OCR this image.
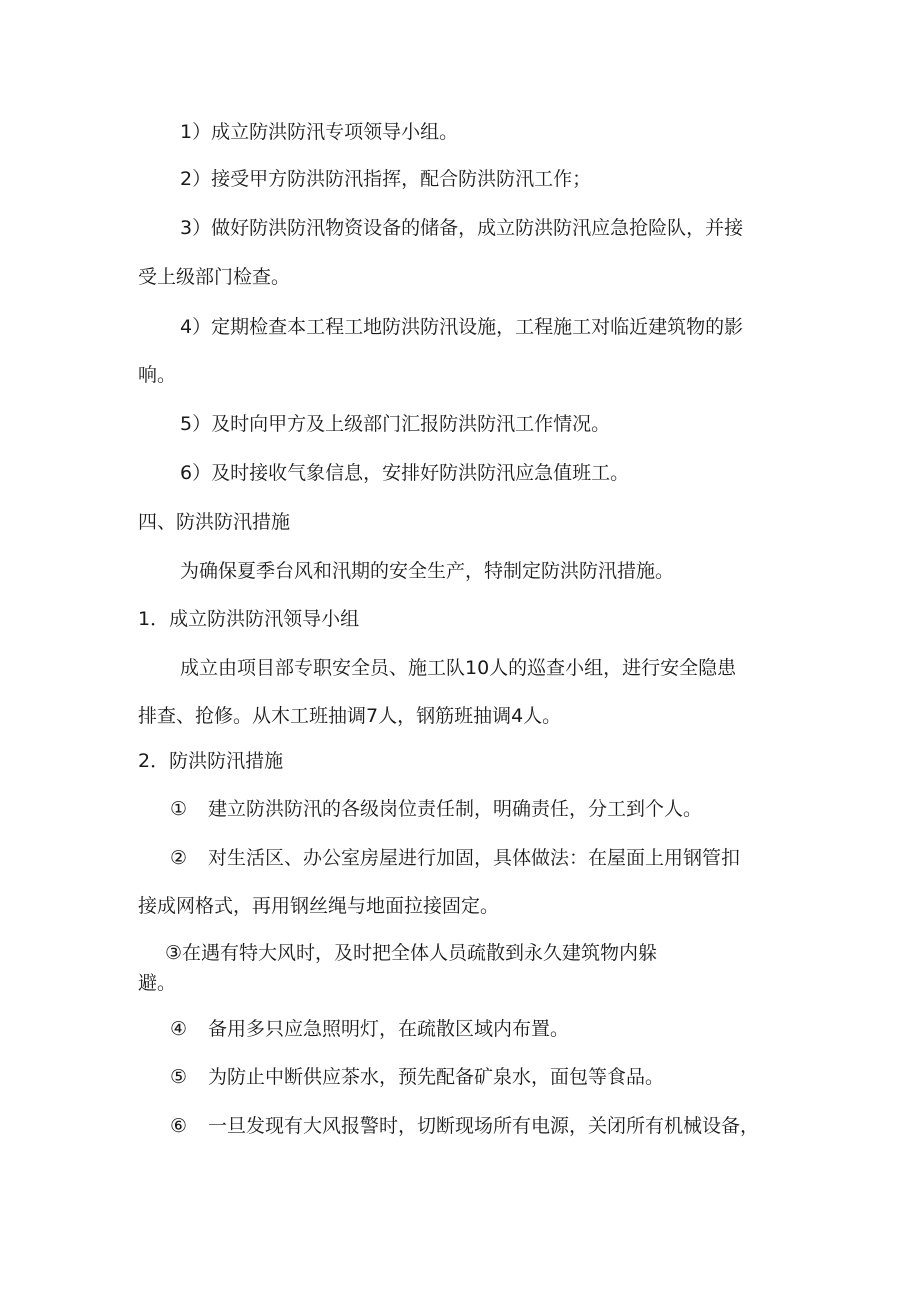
1）成立防洪防汛专项领导小组。

2）接受甲方防洪防汛指挥，配合防洪防汛工作；

3）做好防洪防汛物资设备的储备，成立防洪防汛应急抢险队，并接

受上级部门检查。

4）定期检查本工程工地防洪防汛设施，工程施工对临近建筑物的影

响。

5）及时向甲方及上级部门汇报防洪防汛工作情况。

6）及时接收气象信息，安排好防洪防汛应急值班工。

四、防洪防汛措施

为确保夏季台风和汛期的安全生产，特制定防洪防汛措施。

1．成立防洪防汛领导小组

成立由项目部专职安全员、施工队10人的巡查小组，进行安全隐患

排查、抢修。从木工班抽调7人，钢筋班抽调4人。

2．防洪防汛措施

① 建立防洪防汛的各级岗位责任制，明确责任，分工到个人。

② 对生活区、办公室房屋进行加固，具体做法：在屋面上用钢管扣

接成网格式，再用钢丝绳与地面拉接固定。

③在遇有特大风时，及时把全体人员疏散到永久建筑物内躲

避。

④ 备用多只应急照明灯，在疏散区域内布置。

⑤ 为防止中断供应茶水，预先配备矿泉水，面包等食品。

⑥ 一旦发现有大风报警时，切断现场所有电源，关闭所有机械设备，
